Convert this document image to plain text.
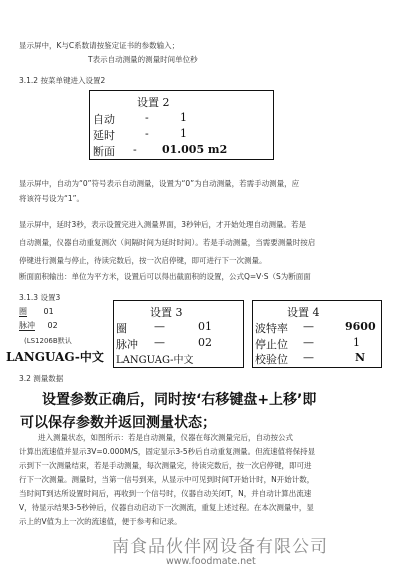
显示屏中，K与C系数请按鉴定证书的参数输入；
T表示自动测量的测量时间单位秒
3.1.2 按菜单键进入设置2
设置 2
自动	-	1
延时	-	1
断面 - 01.005 m2
显示屏中，自动为“0”符号表示自动测量，设置为“0”为自动测量，若需手动测量，应
将该符号设为“1”。
显示屏中，延时3秒，表示设置完进入测量界面，3秒钟后，才开始处理自动测量。若是
自动测量，仪器自动重复测次（间隔时间为延时时间）。若是手动测量，当需要测量时按启
停键进行测量与停止，待读完数后，按一次启停键，即可进行下一次测量。
断面面积输出：单位为平方米，设置后可以得出截面积的设置，公式Q=V·S（S为断面面
3.1.3 设置3
圈 01
脉冲 02
(LS1206B默认
LANGUAG-中文
设置 3
圈 —	01
脉冲 —	02
LANGUAG-中文
设置 4
波特率 —	9600
停止位 —	1
校验位 —	N
3.2 测量数据
设置参数正确后，同时按‘右移键盘+上移’即
可以保存参数并返回测量状态；
进入测量状态，如图所示：若是自动测量，仪器在每次测量完后，自动按公式
计算出流速值并显示3V=0.000M/S，固定显示3-5秒后自动重复测量。但流速值将保持显
示到下一次测量结束，若是手动测量，每次测量完，待读完数后，按一次启停键，即可进
行下一次测量。测量时，当第一信号到来，从显示中可见到时间T开始计时，N开始计数，
当时间T到达所设置时间后，再收到一个信号时，仪器自动关闭T，N，并自动计算出流速
V，待显示结果3-5秒钟后，仪器自动启动下一次测流，重复上述过程。在本次测量中，显
示上的V值为上一次的流速值，便于参考和记录。
南食品伙伴网设备有限公司
www.foodmate.net
